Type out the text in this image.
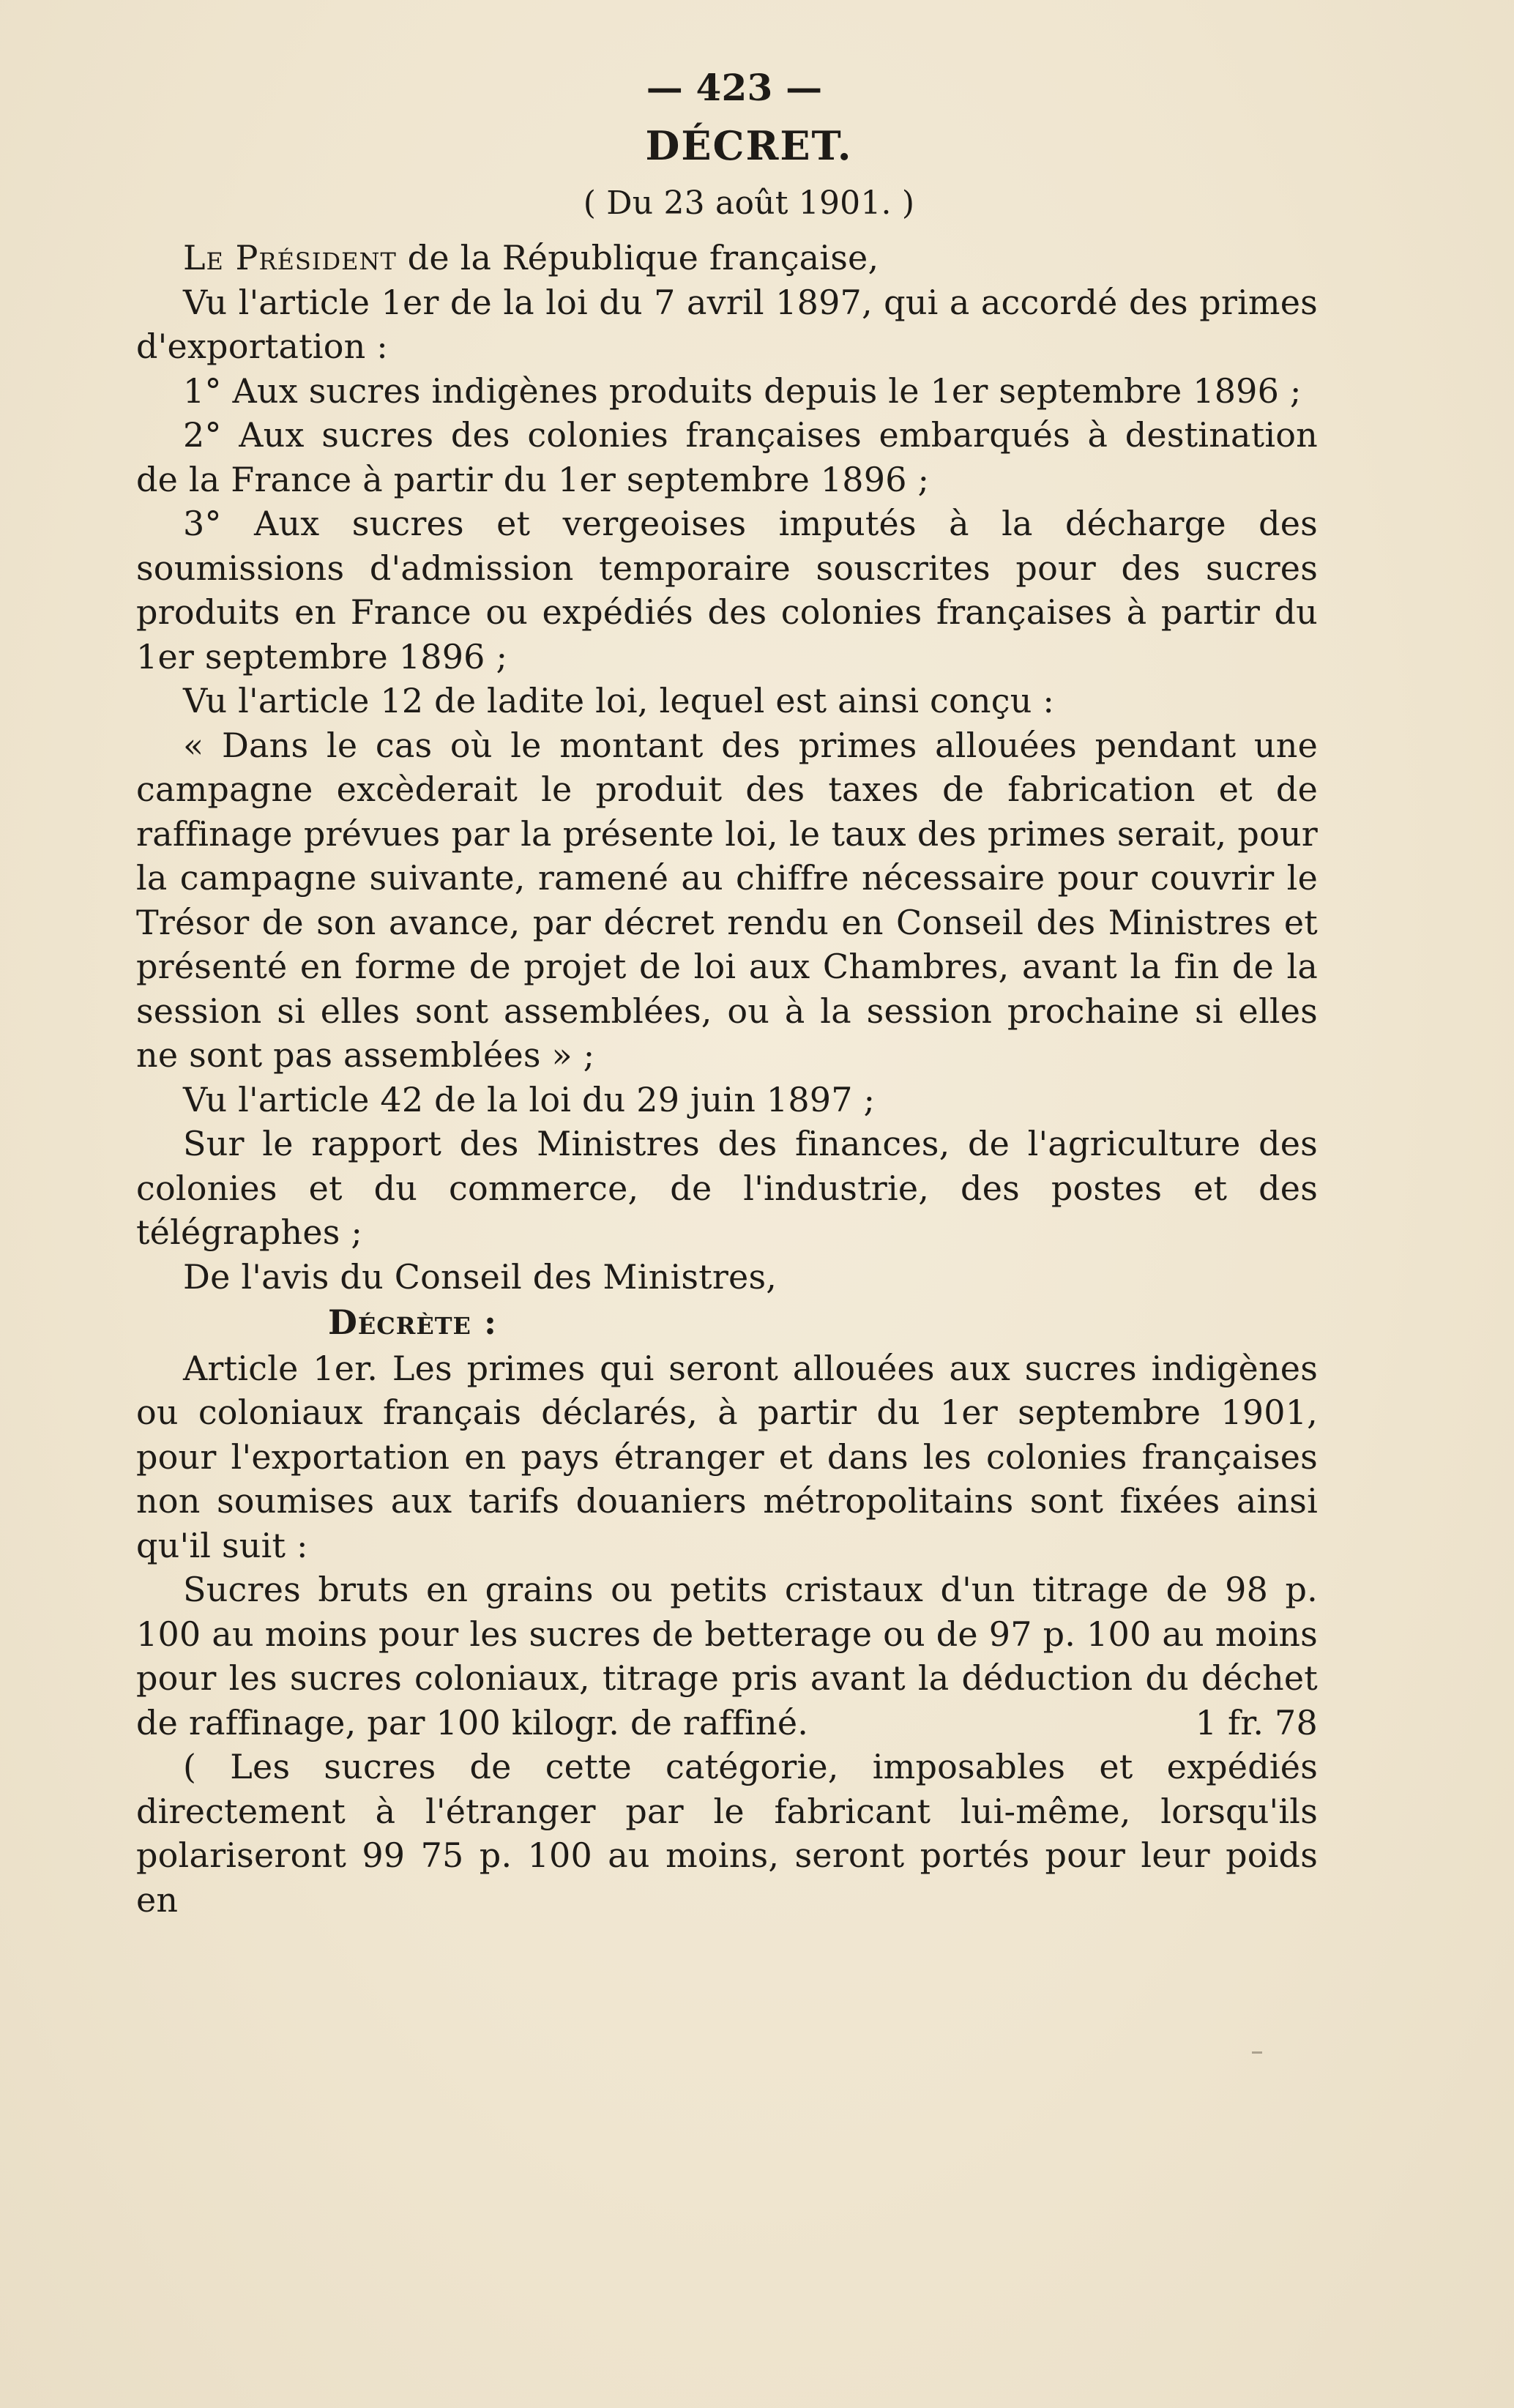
— 423 —
DÉCRET.
( Du 23 août 1901. )

Le Président de la République française,

Vu l'article 1er de la loi du 7 avril 1897, qui a accordé des primes d'exportation :

1° Aux sucres indigènes produits depuis le 1er septembre 1896 ;

2° Aux sucres des colonies françaises embarqués à destination de la France à partir du 1er septembre 1896 ;

3° Aux sucres et vergeoises imputés à la décharge des soumissions d'admission temporaire souscrites pour des sucres produits en France ou expédiés des colonies françaises à partir du 1er septembre 1896 ;

Vu l'article 12 de ladite loi, lequel est ainsi conçu :

« Dans le cas où le montant des primes allouées pendant une campagne excèderait le produit des taxes de fabrication et de raffinage prévues par la présente loi, le taux des primes serait, pour la campagne suivante, ramené au chiffre nécessaire pour couvrir le Trésor de son avance, par décret rendu en Conseil des Ministres et présenté en forme de projet de loi aux Chambres, avant la fin de la session si elles sont assemblées, ou à la session prochaine si elles ne sont pas assemblées » ;

Vu l'article 42 de la loi du 29 juin 1897 ;

Sur le rapport des Ministres des finances, de l'agriculture des colonies et du commerce, de l'industrie, des postes et des télégraphes ;

De l'avis du Conseil des Ministres,

Décrète :

Article 1er. Les primes qui seront allouées aux sucres indigènes ou coloniaux français déclarés, à partir du 1er septembre 1901, pour l'exportation en pays étranger et dans les colonies françaises non soumises aux tarifs douaniers métropolitains sont fixées ainsi qu'il suit :

Sucres bruts en grains ou petits cristaux d'un titrage de 98 p. 100 au moins pour les sucres de betterage ou de 97 p. 100 au moins pour les sucres coloniaux, titrage pris avant la déduction du déchet de raffinage, par 100 kilogr. de raffiné.	1 fr. 78

( Les sucres de cette catégorie, imposables et expédiés directement à l'étranger par le fabricant lui-même, lorsqu'ils polariseront 99 75 p. 100 au moins, seront portés pour leur poids en
